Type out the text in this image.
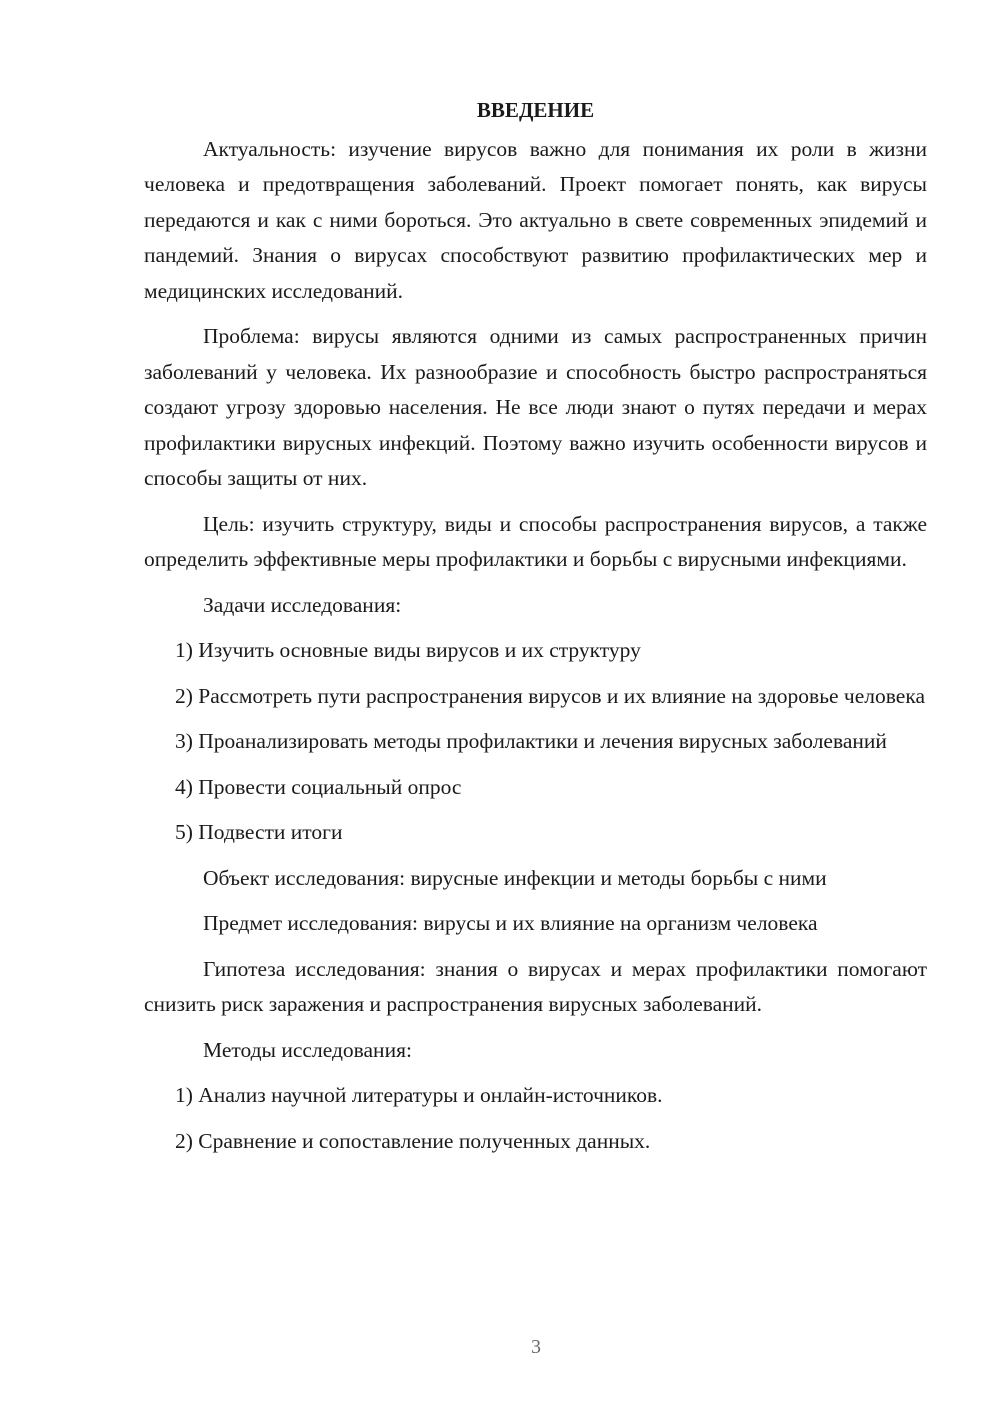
ВВЕДЕНИЕ

Актуальность: изучение вирусов важно для понимания их роли в жизни человека и предотвращения заболеваний. Проект помогает понять, как вирусы передаются и как с ними бороться. Это актуально в свете современных эпидемий и пандемий. Знания о вирусах способствуют развитию профилактических мер и медицинских исследований.

Проблема: вирусы являются одними из самых распространенных причин заболеваний у человека. Их разнообразие и способность быстро распространяться создают угрозу здоровью населения. Не все люди знают о путях передачи и мерах профилактики вирусных инфекций. Поэтому важно изучить особенности вирусов и способы защиты от них.

Цель: изучить структуру, виды и способы распространения вирусов, а также определить эффективные меры профилактики и борьбы с вирусными инфекциями.

Задачи исследования:

1) Изучить основные виды вирусов и их структуру

2) Рассмотреть пути распространения вирусов и их влияние на здоровье человека

3) Проанализировать методы профилактики и лечения вирусных заболеваний

4) Провести социальный опрос

5) Подвести итоги

Объект исследования: вирусные инфекции и методы борьбы с ними

Предмет исследования: вирусы и их влияние на организм человека

Гипотеза исследования: знания о вирусах и мерах профилактики помогают снизить риск заражения и распространения вирусных заболеваний.

Методы исследования:

1) Анализ научной литературы и онлайн-источников.

2) Сравнение и сопоставление полученных данных.

3
